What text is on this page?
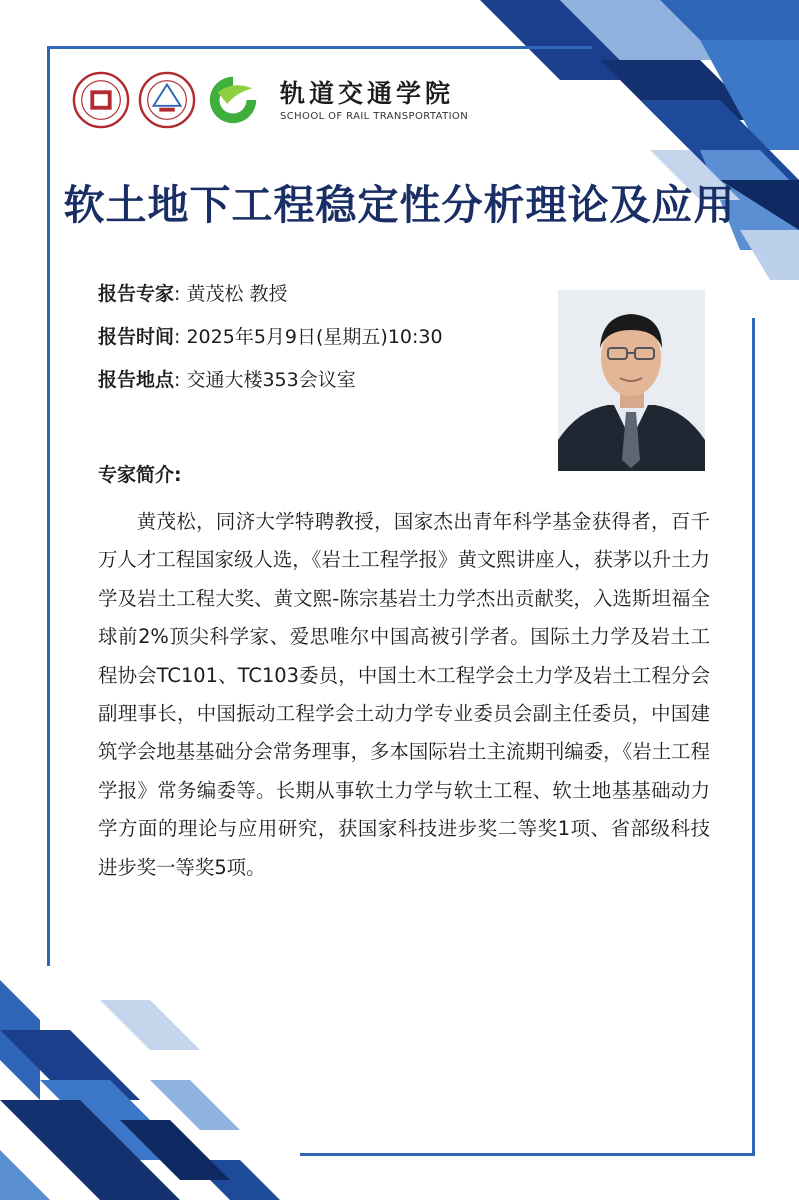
轨道交通学院
SCHOOL OF RAIL TRANSPORTATION
软土地下工程稳定性分析理论及应用
报告专家: 黄茂松 教授
报告时间: 2025年5月9日(星期五)10:30
报告地点: 交通大楼353会议室
专家简介:

黄茂松，同济大学特聘教授，国家杰出青年科学基金获得者，百千万人才工程国家级人选，《岩土工程学报》黄文熙讲座人，获茅以升土力学及岩土工程大奖、黄文熙-陈宗基岩土力学杰出贡献奖，入选斯坦福全球前2%顶尖科学家、爱思唯尔中国高被引学者。国际土力学及岩土工程协会TC101、TC103委员，中国土木工程学会土力学及岩土工程分会副理事长，中国振动工程学会土动力学专业委员会副主任委员，中国建筑学会地基基础分会常务理事，多本国际岩土主流期刊编委，《岩土工程学报》常务编委等。长期从事软土力学与软土工程、软土地基基础动力学方面的理论与应用研究，获国家科技进步奖二等奖1项、省部级科技进步奖一等奖5项。
